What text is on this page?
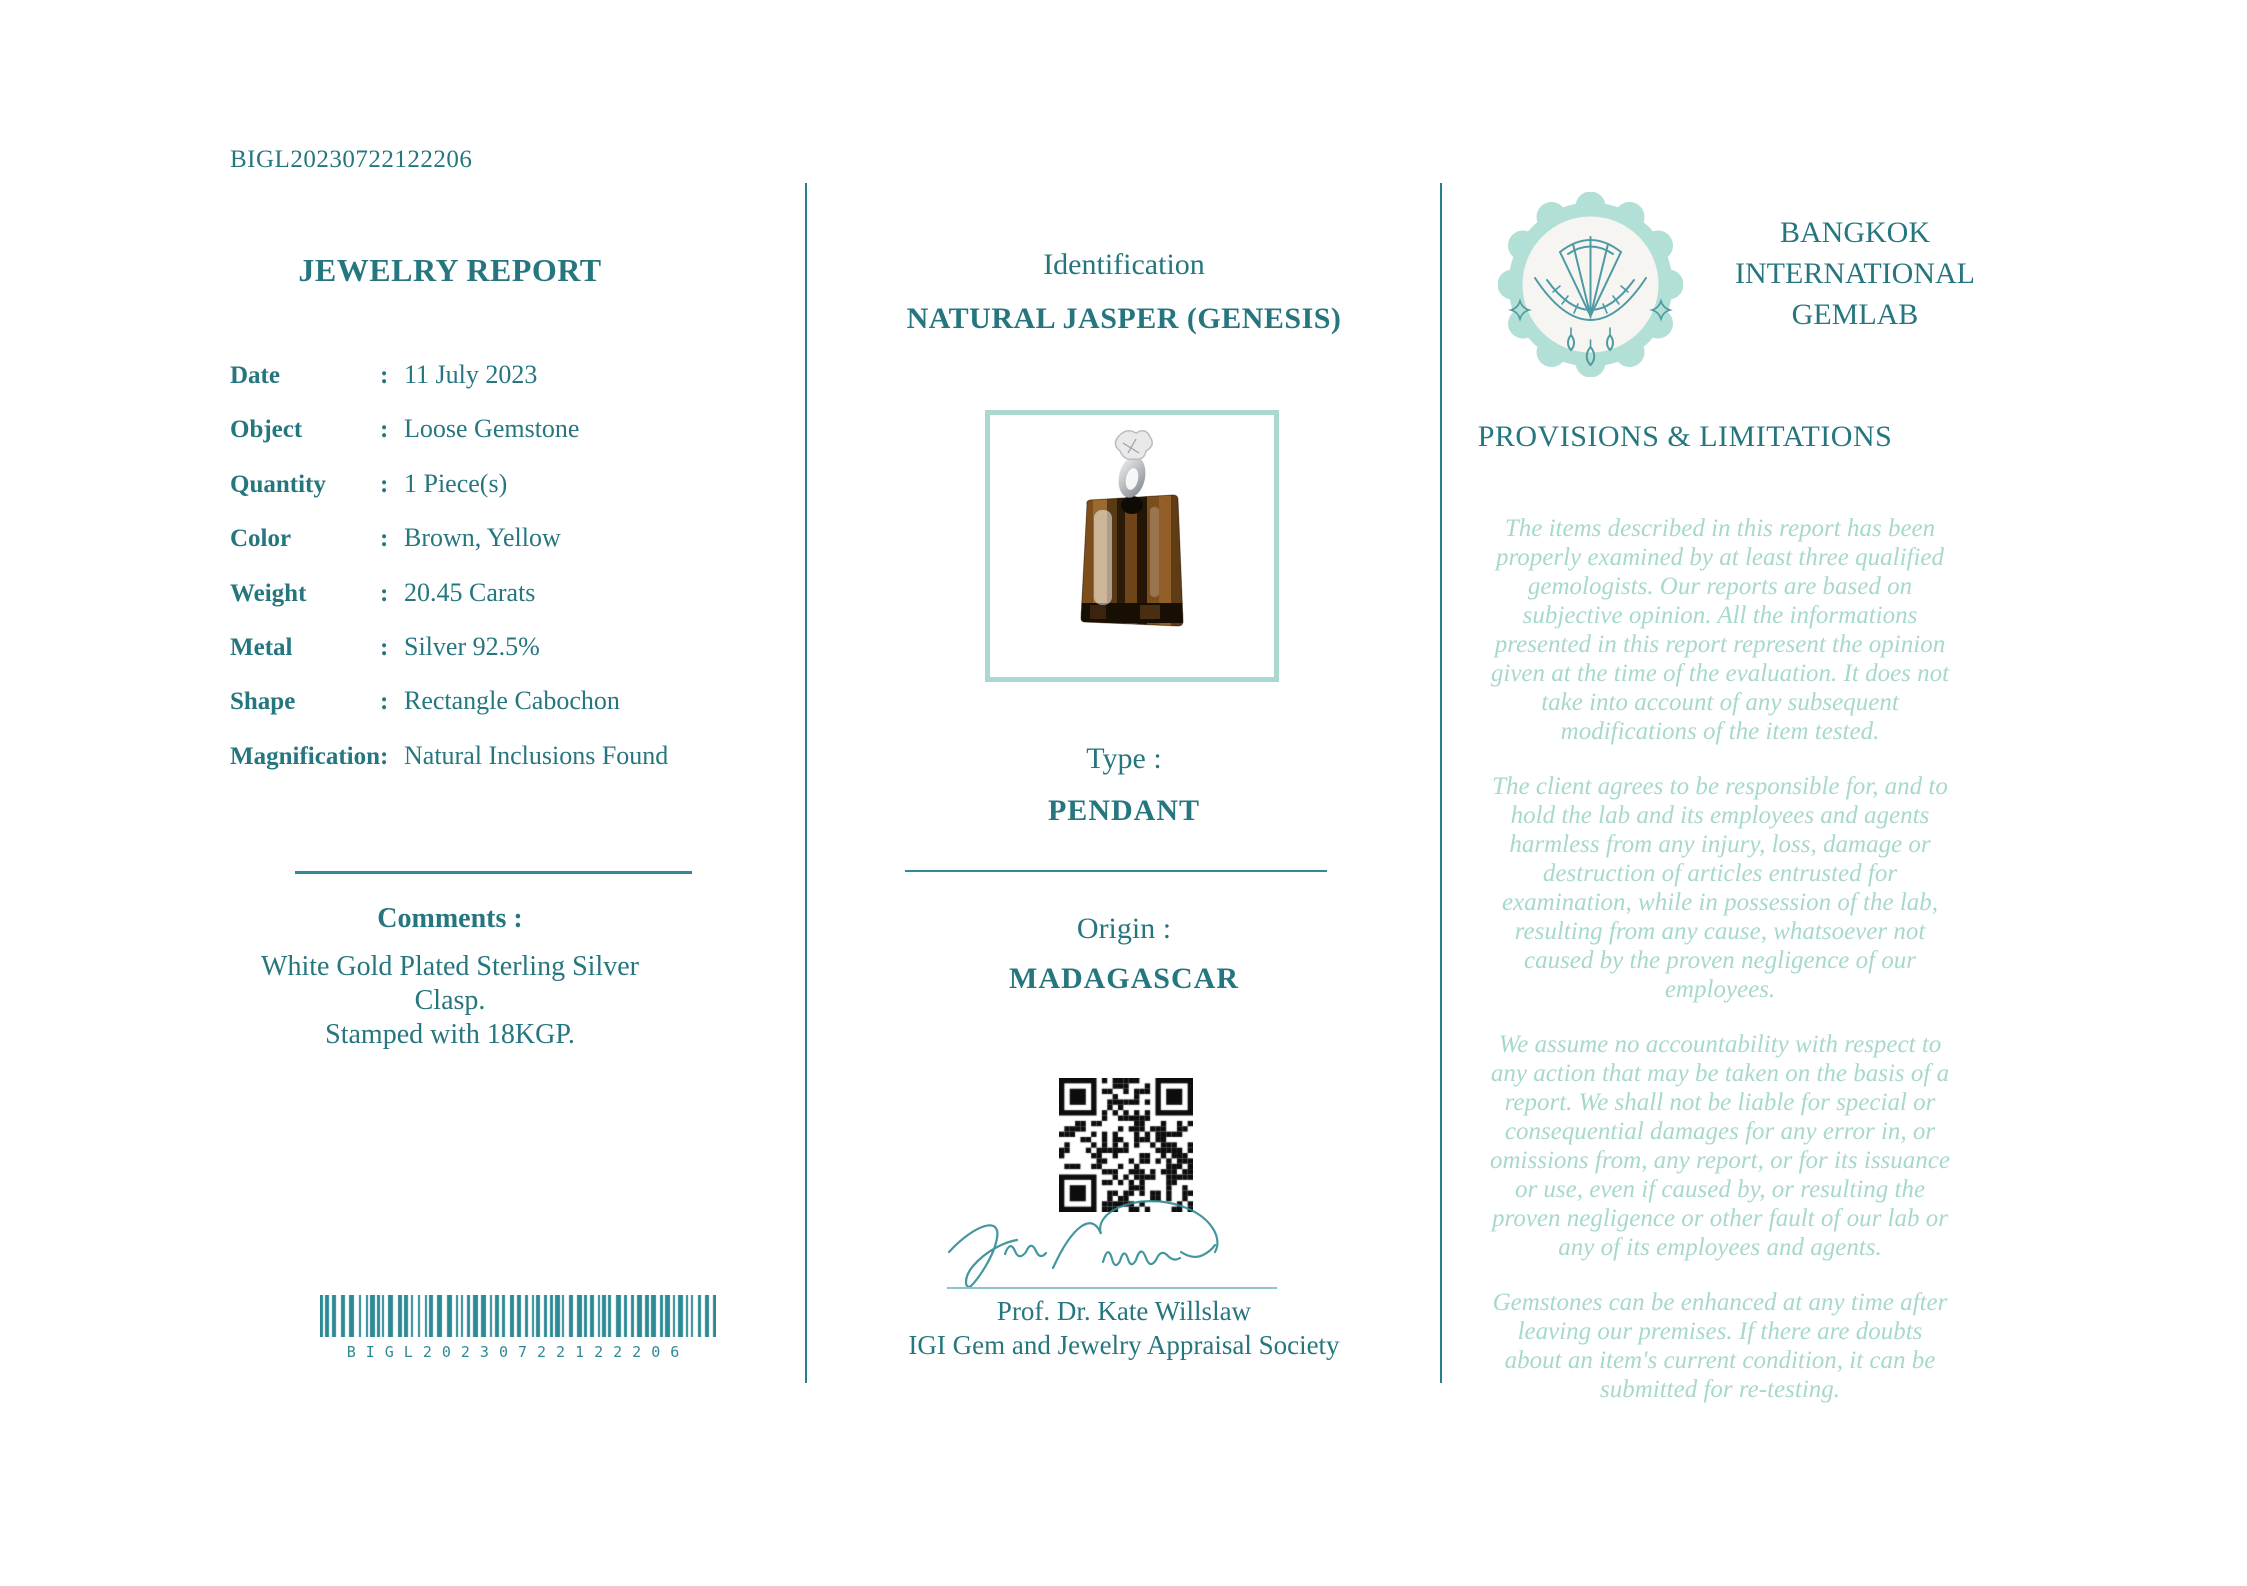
BIGL20230722122206
JEWELRY REPORT
Date	: 11 July 2023
Object	: Loose Gemstone
Quantity	: 1 Piece(s)
Color	: Brown, Yellow
Weight	: 20.45 Carats
Metal	: Silver 92.5%
Shape	: Rectangle Cabochon
Magnification : Natural Inclusions Found
Comments :
White Gold Plated Sterling Silver Clasp.
Stamped with 18KGP.
BIGL20230722122206
Identification
NATURAL JASPER (GENESIS)
Type :
PENDANT
Origin :
MADAGASCAR
Prof. Dr. Kate Willslaw
IGI Gem and Jewelry Appraisal Society
BANGKOK
INTERNATIONAL
GEMLAB
PROVISIONS & LIMITATIONS

The items described in this report has been properly examined by at least three qualified gemologists. Our reports are based on subjective opinion. All the informations presented in this report represent the opinion given at the time of the evaluation. It does not take into account of any subsequent modifications of the item tested.

The client agrees to be responsible for, and to hold the lab and its employees and agents harmless from any injury, loss, damage or destruction of articles entrusted for examination, while in possession of the lab, resulting from any cause, whatsoever not caused by the proven negligence of our employees.

We assume no accountability with respect to any action that may be taken on the basis of a report. We shall not be liable for special or consequential damages for any error in, or omissions from, any report, or for its issuance or use, even if caused by, or resulting the proven negligence or other fault of our lab or any of its employees and agents.

Gemstones can be enhanced at any time after leaving our premises. If there are doubts about an item's current condition, it can be submitted for re-testing.
